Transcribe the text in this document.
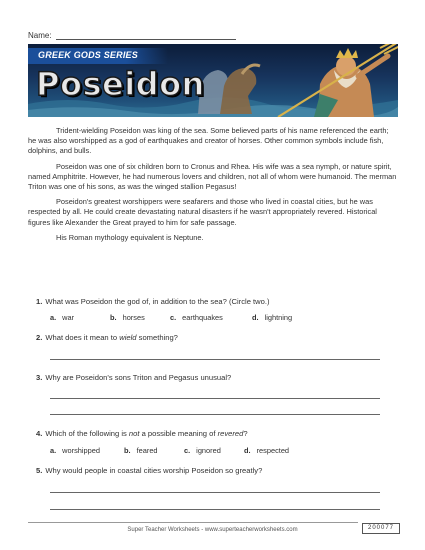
Name:
GREEK GODS SERIES
Poseidon

Trident-wielding Poseidon was king of the sea. Some believed parts of his name referenced the earth; he was also worshipped as a god of earthquakes and creator of horses. Other common symbols include fish, dolphins, and bulls.

Poseidon was one of six children born to Cronus and Rhea. His wife was a sea nymph, or nature spirit, named Amphitrite. However, he had numerous lovers and children, not all of whom were humanoid. The merman Triton was one of his sons, as was the winged stallion Pegasus!

Poseidon's greatest worshippers were seafarers and those who lived in coastal cities, but he was respected by all. He could create devastating natural disasters if he wasn't appropriately revered. Historical figures like Alexander the Great prayed to him for safe passage.

His Roman mythology equivalent is Neptune.

1. What was Poseidon the god of, in addition to the sea? (Circle two.)
a. war	b. horses	c. earthquakes	d. lightning
2. What does it mean to wield something?
3. Why are Poseidon's sons Triton and Pegasus unusual?
4. Which of the following is not a possible meaning of revered?
a. worshipped	b. feared	c. ignored	d. respected
5. Why would people in coastal cities worship Poseidon so greatly?
Super Teacher Worksheets - www.superteacherworksheets.com	200077
